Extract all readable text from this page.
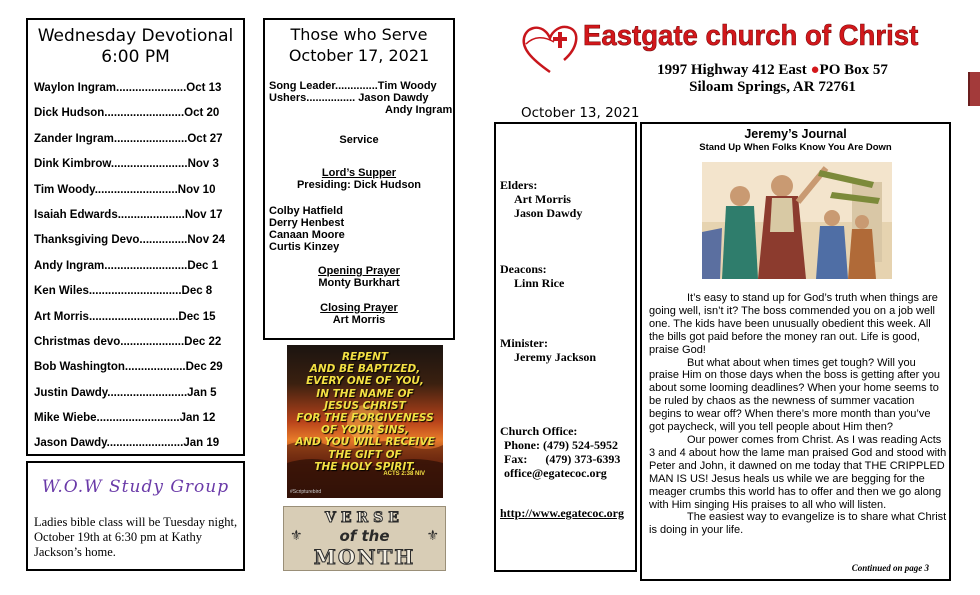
Wednesday Devotional
6:00 PM
Waylon Ingram......................Oct 13
Dick Hudson.........................Oct 20
Zander Ingram.......................Oct 27
Dink Kimbrow........................Nov 3
Tim Woody..........................Nov 10
Isaiah Edwards.....................Nov 17
Thanksgiving Devo...............Nov 24
Andy Ingram..........................Dec 1
Ken Wiles.............................Dec 8
Art Morris............................Dec 15
Christmas devo....................Dec 22
Bob Washington...................Dec 29
Justin Dawdy.........................Jan 5
Mike Wiebe..........................Jan 12
Jason Dawdy........................Jan 19
W.O.W Study Group
Ladies bible class will be Tuesday night, October 19th at 6:30 pm at Kathy Jackson’s home.
Those who Serve
October 17, 2021
Song Leader..............Tim Woody
Ushers................ Jason Dawdy
Andy Ingram
Service
Lord’s Supper
Presiding: Dick Hudson
Colby Hatfield
Derry Henbest
Canaan Moore
Curtis Kinzey
Opening Prayer
Monty Burkhart
Closing Prayer
Art Morris
REPENT
AND BE BAPTIZED,
EVERY ONE OF YOU,
IN THE NAME OF
JESUS CHRIST
FOR THE FORGIVENESS
OF YOUR SINS,
AND YOU WILL RECEIVE
THE GIFT OF
THE HOLY SPIRIT.
ACTS 2:38 NIV
#Scripturebird
⚜	⚜
VERSE
of the
MONTH
Eastgate church of Christ
1997 Highway 412 East ●PO Box 57
Siloam Springs, AR 72761
October 13, 2021
Elders:
Art Morris
Jason Dawdy
Deacons:
Linn Rice
Minister:
Jeremy Jackson
Church Office:
Phone: (479) 524-5952
Fax:      (479) 373-6393
office@egatecoc.org
http://www.egatecoc.org
Jeremy’s Journal
Stand Up When Folks Know You Are Down

It’s easy to stand up for God’s truth when things are going well, isn’t it? The boss commended you on a job well one. The kids have been unusually obedient this week. All the bills got paid before the money ran out. Life is good, praise God!

But what about when times get tough? Will you praise Him on those days when the boss is getting after you about some looming deadlines? When your home seems to be ruled by chaos as the newness of summer vacation begins to wear off? When there’s more month than you’ve got paycheck, will you tell people about Him then?

Our power comes from Christ. As I was reading Acts 3 and 4 about how the lame man praised God and stood with Peter and John, it dawned on me today that THE CRIPPLED MAN IS US! Jesus heals us while we are begging for the meager crumbs this world has to offer and then we go along with Him singing His praises to all who will listen.

The easiest way to evangelize is to share what Christ is doing in your life.

Continued on page 3
